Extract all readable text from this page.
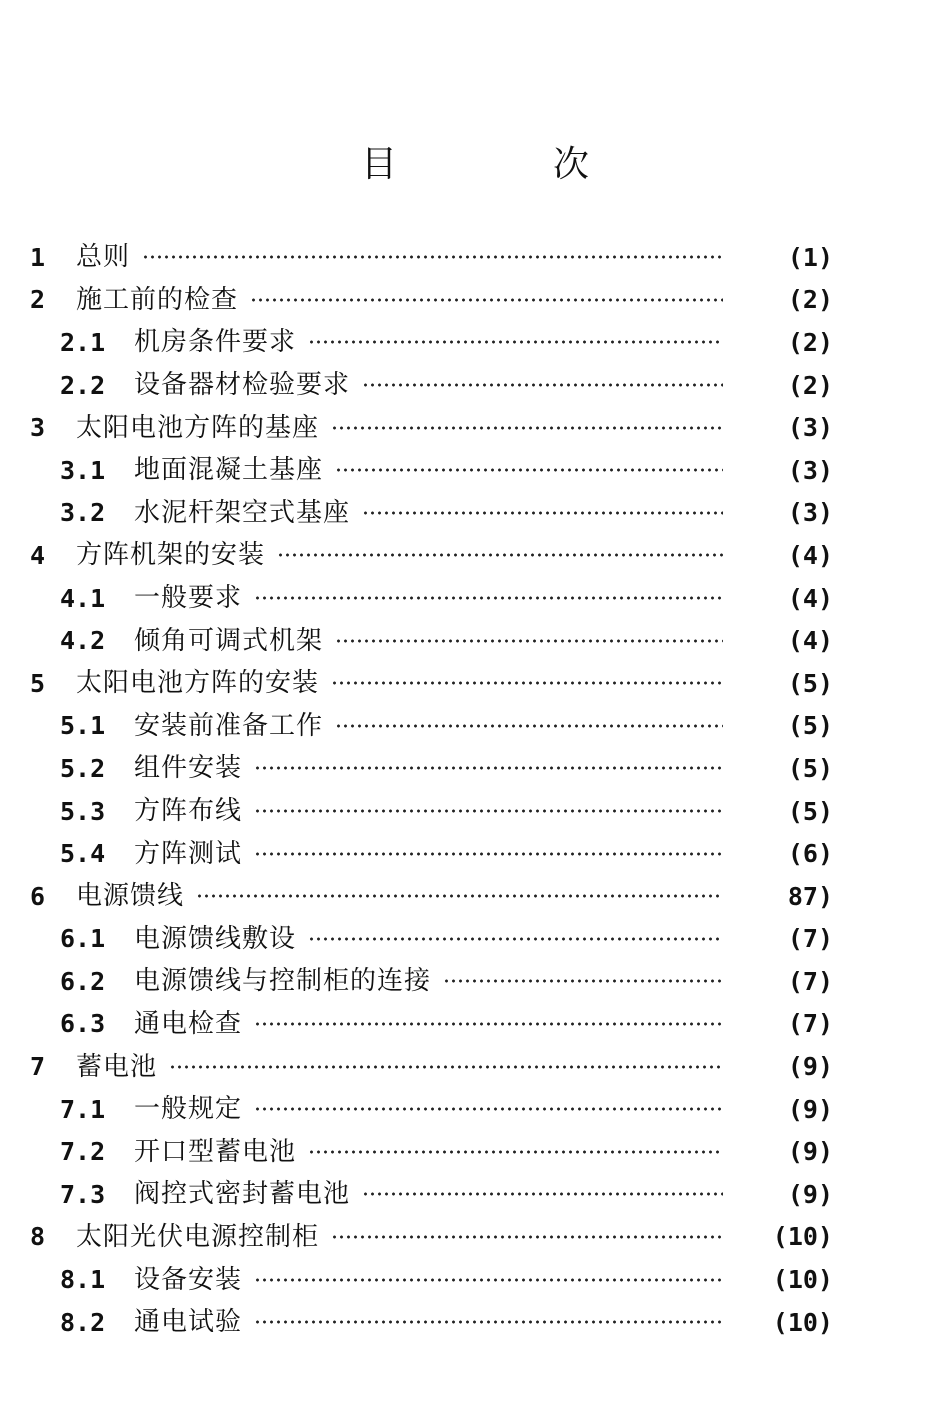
目　次
1	总则	(1)
2	施工前的检查	(2)
2.1	机房条件要求	(2)
2.2	设备器材检验要求	(2)
3	太阳电池方阵的基座	(3)
3.1	地面混凝土基座	(3)
3.2	水泥杆架空式基座	(3)
4	方阵机架的安装	(4)
4.1	一般要求	(4)
4.2	倾角可调式机架	(4)
5	太阳电池方阵的安装	(5)
5.1	安装前准备工作	(5)
5.2	组件安装	(5)
5.3	方阵布线	(5)
5.4	方阵测试	(6)
6	电源馈线	87)
6.1	电源馈线敷设	(7)
6.2	电源馈线与控制柜的连接	(7)
6.3	通电检查	(7)
7	蓄电池	(9)
7.1	一般规定	(9)
7.2	开口型蓄电池	(9)
7.3	阀控式密封蓄电池	(9)
8	太阳光伏电源控制柜	(10)
8.1	设备安装	(10)
8.2	通电试验	(10)
